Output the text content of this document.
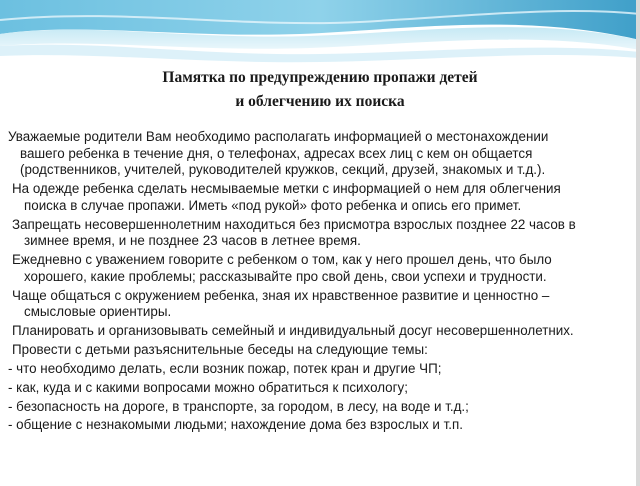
Памятка по предупреждению пропажи детей
и облегчению их поиска
Уважаемые родители Вам необходимо располагать информацией о местонахождении
вашего ребенка в течение дня, о телефонах, адресах всех лиц с кем он общается
(родственников, учителей, руководителей кружков, секций, друзей, знакомых и т.д.).
На одежде ребенка сделать несмываемые метки с информацией о нем для облегчения
поиска в случае пропажи. Иметь «под рукой» фото ребенка и опись его примет.
Запрещать несовершеннолетним находиться без присмотра взрослых позднее 22 часов в
зимнее время, и не позднее 23 часов в летнее время.
Ежедневно с уважением говорите с ребенком о том, как у него прошел день, что было
хорошего, какие проблемы; рассказывайте про свой день, свои успехи и трудности.
Чаще общаться с окружением ребенка, зная их нравственное развитие и ценностно –
смысловые ориентиры.
Планировать и организовывать семейный и индивидуальный досуг несовершеннолетних.
Провести с детьми разъяснительные беседы на следующие темы:
- что необходимо делать, если возник пожар, потек кран и другие ЧП;
- как, куда и с какими вопросами можно обратиться к психологу;
- безопасность на дороге, в транспорте, за городом, в лесу, на воде и т.д.;
- общение с незнакомыми людьми; нахождение дома без взрослых и т.п.
